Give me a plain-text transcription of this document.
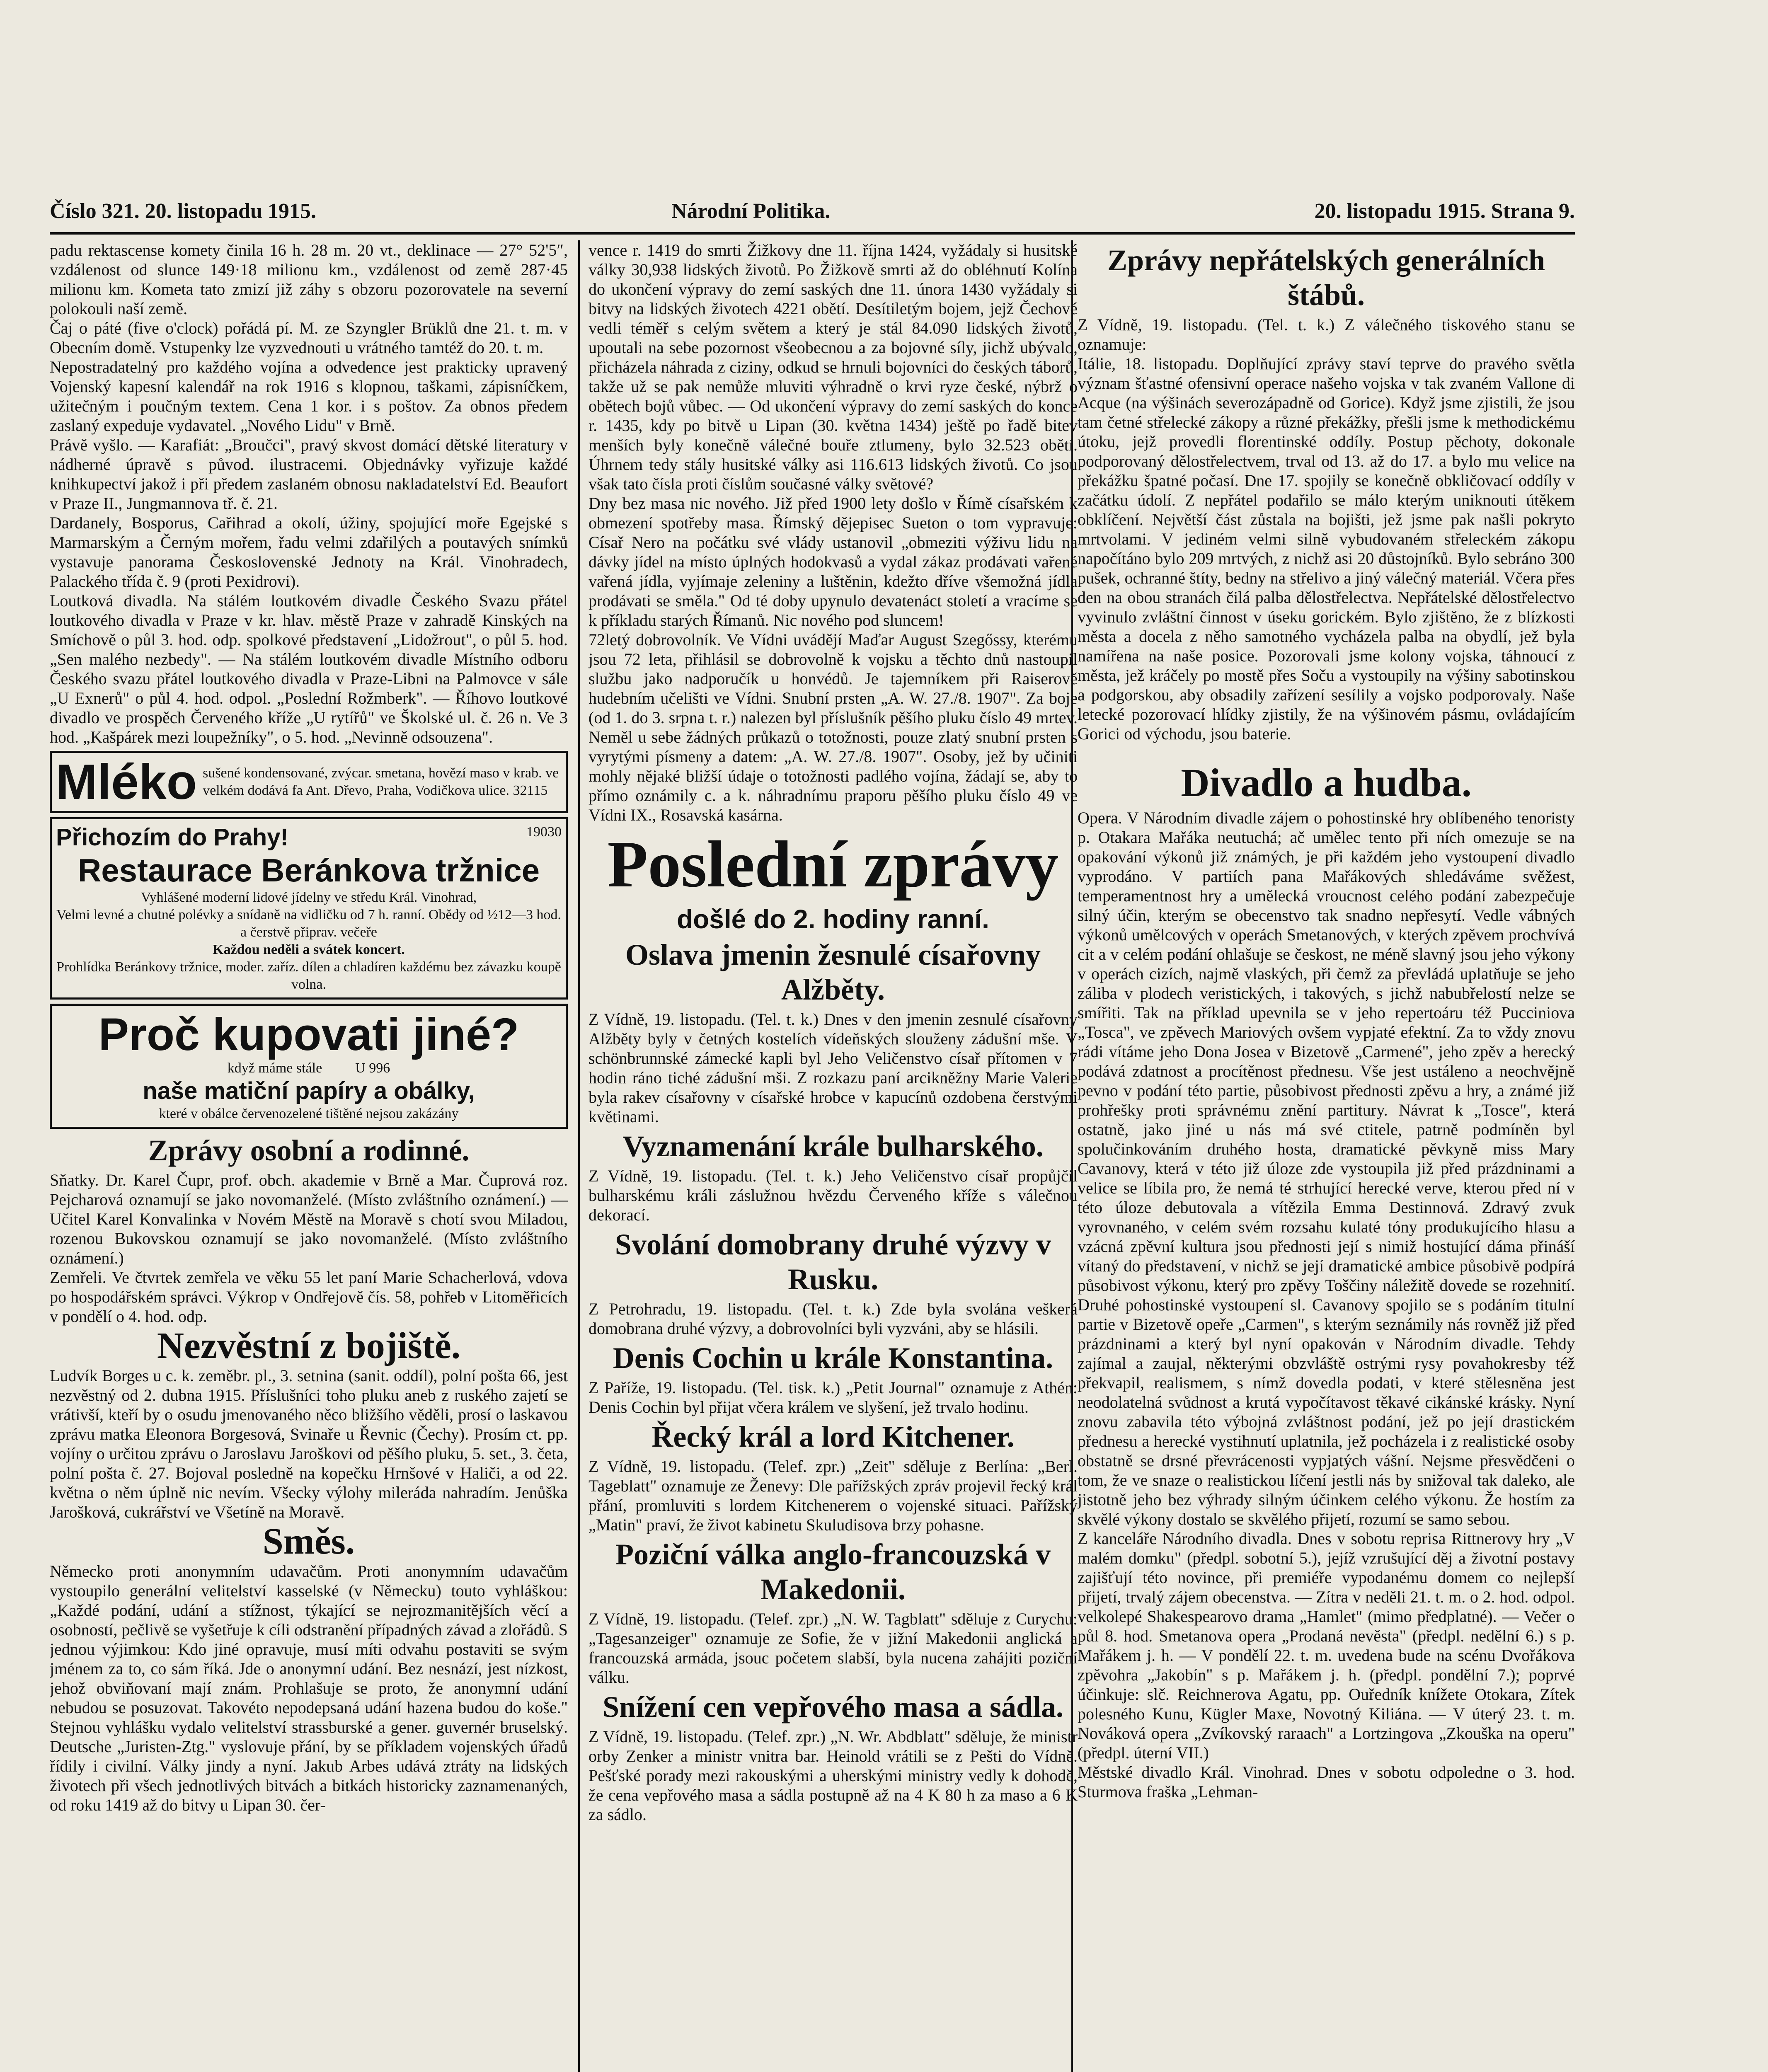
Číslo 321. 20. listopadu 1915.	Národní Politika.	20. listopadu 1915. Strana 9.

padu rektascense komety činila 16 h. 28 m. 20 vt., deklinace — 27° 52'5″, vzdálenost od slunce 149·18 milionu km., vzdálenost od země 287·45 milionu km. Kometa tato zmizí již záhy s obzoru pozorovatele na severní polokouli naší země.

Čaj o páté (five o'clock) pořádá pí. M. ze Szyngler Brüklů dne 21. t. m. v Obecním domě. Vstupenky lze vyzvednouti u vrátného tamtéž do 20. t. m.

Nepostradatelný pro každého vojína a odvedence jest prakticky upravený Vojenský kapesní kalendář na rok 1916 s klopnou, taškami, zápisníčkem, užitečným i poučným textem. Cena 1 kor. i s poštov. Za obnos předem zaslaný expeduje vydavatel. „Nového Lidu" v Brně.

Právě vyšlo. — Karafiát: „Broučci", pravý skvost domácí dětské literatury v nádherné úpravě s původ. ilustracemi. Objednávky vyřizuje každé knihkupectví jakož i při předem zaslaném obnosu nakladatelství Ed. Beaufort v Praze II., Jungmannova tř. č. 21.

Dardanely, Bosporus, Cařihrad a okolí, úžiny, spojující moře Egejské s Marmarským a Černým mořem, řadu velmi zdařilých a poutavých snímků vystavuje panorama Československé Jednoty na Král. Vinohradech, Palackého třída č. 9 (proti Pexidrovi).

Loutková divadla. Na stálém loutkovém divadle Českého Svazu přátel loutkového divadla v Praze v kr. hlav. městě Praze v zahradě Kinských na Smíchově o půl 3. hod. odp. spolkové představení „Lidožrout", o půl 5. hod. „Sen malého nezbedy". — Na stálém loutkovém divadle Místního odboru Českého svazu přátel loutkového divadla v Praze-Libni na Palmovce v sále „U Exnerů" o půl 4. hod. odpol. „Poslední Rožmberk". — Říhovo loutkové divadlo ve prospěch Červeného kříže „U rytířů" ve Školské ul. č. 26 n. Ve 3 hod. „Kašpárek mezi loupežníky", o 5. hod. „Nevinně odsouzena".

Mléko sušené kondensované, zvýcar. smetana, hovězí maso v krab. ve velkém dodává fa Ant. Dřevo, Praha, Vodičkova ulice. 32115
Přichozím do Prahy!	19030

Restaurace Beránkova tržnice

Vyhlášené moderní lidové jídelny ve středu Král. Vinohrad,

Velmi levné a chutné polévky a snídaně na vidličku od 7 h. ranní. Obědy od ½12—3 hod. a čerstvě připrav. večeře

Každou neděli a svátek koncert.

Prohlídka Beránkovy tržnice, moder. zaříz. dílen a chladíren každému bez závazku koupě volna.

Proč kupovati jiné?

když máme stále U 996

naše matiční papíry a obálky,

které v obálce červenozelené tištěné nejsou zakázány

Zprávy osobní a rodinné.

Sňatky. Dr. Karel Čupr, prof. obch. akademie v Brně a Mar. Čuprová roz. Pejcharová oznamují se jako novomanželé. (Místo zvláštního oznámení.) — Učitel Karel Konvalinka v Novém Městě na Moravě s chotí svou Miladou, rozenou Bukovskou oznamují se jako novomanželé. (Místo zvláštního oznámení.)

Zemřeli. Ve čtvrtek zemřela ve věku 55 let paní Marie Schacherlová, vdova po hospodářském správci. Výkrop v Ondřejově čís. 58, pohřeb v Litoměřicích v pondělí o 4. hod. odp.

Nezvěstní z bojiště.

Ludvík Borges u c. k. zeměbr. pl., 3. setnina (sanit. oddíl), polní pošta 66, jest nezvěstný od 2. dubna 1915. Příslušníci toho pluku aneb z ruského zajetí se vrátivší, kteří by o osudu jmenovaného něco bližšího věděli, prosí o laskavou zprávu matka Eleonora Borgesová, Svinaře u Řevnic (Čechy). Prosím ct. pp. vojíny o určitou zprávu o Jaroslavu Jaroškovi od pěšího pluku, 5. set., 3. četa, polní pošta č. 27. Bojoval posledně na kopečku Hrnšové v Haliči, a od 22. května o něm úplně nic nevím. Všecky výlohy milerádа nahradím. Jenůška Jarošková, cukrářství ve Všetíně na Moravě.

Směs.

Německo proti anonymním udavačům. Proti anonymním udavačům vystoupilo generální velitelství kasselské (v Německu) touto vyhláškou: „Každé podání, udání a stížnost, týkající se nejrozmanitějších věcí a osobností, pečlivě se vyšetřuje k cíli odstranění případných závad a zlořádů. S jednou výjimkou: Kdo jiné opravuje, musí míti odvahu postaviti se svým jménem za to, co sám říká. Jde o anonymní udání. Bez nesnází, jest nízkost, jehož obviňovaní mají znám. Prohlašuje se proto, že anonymní udání nebudou se posuzovat. Takovéto nepodepsaná udání hazena budou do koše." Stejnou vyhlášku vydalo velitelství strassburské a gener. guvernér bruselský. Deutsche „Juristen-Ztg." vyslovuje přání, by se příkladem vojenských úřadů řídily i civilní. Války jindy a nyní. Jakub Arbes udává ztráty na lidských životech při všech jednotlivých bitvách a bitkách historicky zaznamenaných, od roku 1419 až do bitvy u Lipan 30. čer-

vence r. 1419 do smrti Žižkovy dne 11. října 1424, vyžádaly si husitské války 30,938 lidských životů. Po Žižkově smrti až do obléhnutí Kolína do ukončení výpravy do zemí saských dne 11. února 1430 vyžádaly si bitvy na lidských životech 4221 obětí. Desítiletým bojem, jejž Čechové vedli téměř s celým světem a který je stál 84.090 lidských životů, upoutali na sebe pozornost všeobecnou a za bojovné síly, jichž ubývalo, přicházela náhrada z ciziny, odkud se hrnuli bojovníci do českých táborů, takže už se pak nemůže mluviti výhradně o krvi ryze české, nýbrž o obětech bojů vůbec. — Od ukončení výpravy do zemí saských do konce r. 1435, kdy po bitvě u Lipan (30. května 1434) ještě po řadě bitev menších byly konečně válečné bouře ztlumeny, bylo 32.523 obětí. Úhrnem tedy stály husitské války asi 116.613 lidských životů. Co jsou však tato čísla proti číslům současné války světové?

Dny bez masa nic nového. Již před 1900 lety došlo v Římě císařském k obmezení spotřeby masa. Římský dějepisec Sueton o tom vypravuje: Císař Nero na počátku své vlády ustanovil „obmeziti výživu lidu na dávky jídel na místo úplných hodokvasů a vydal zákaz prodávati vařené vařená jídla, vyjímaje zeleniny a luštěnin, kdežto dříve všemožná jídla prodávati se směla." Od té doby upynulo devatenáct století a vracíme se k příkladu starých Římanů. Nic nového pod sluncem!

72letý dobrovolník. Ve Vídni uvádějí Maďar August Szegőssy, kterému jsou 72 leta, přihlásil se dobrovolně k vojsku a těchto dnů nastoupil službu jako nadporučík u honvédů. Je tajemníkem při Raiserově hudebním učelišti ve Vídni. Snubní prsten „A. W. 27./8. 1907". Za boje (od 1. do 3. srpna t. r.) nalezen byl příslušník pěšího pluku číslo 49 mrtev. Neměl u sebe žádných průkazů o totožnosti, pouze zlatý snubní prsten s vyrytými písmeny a datem: „A. W. 27./8. 1907". Osoby, jež by učiniti mohly nějaké bližší údaje o totožnosti padlého vojína, žádají se, aby to přímo oznámily c. a k. náhradnímu praporu pěšího pluku číslo 49 ve Vídni IX., Rosavská kasárna.

Poslední zprávy

došlé do 2. hodiny ranní.

Oslava jmenin žesnulé císařovny Alžběty.

Z Vídně, 19. listopadu. (Tel. t. k.) Dnes v den jmenin zesnulé císařovny Alžběty byly v četných kostelích vídeňských slouženy zádušní mše. V schönbrunnské zámecké kapli byl Jeho Veličenstvo císař přítomen v 7 hodin ráno tiché zádušní mši. Z rozkazu paní arcikněžny Marie Valerie byla rakev císařovny v císařské hrobce v kapucínů ozdobena čerstvými květinami.

Vyznamenání krále bulharského.

Z Vídně, 19. listopadu. (Tel. t. k.) Jeho Veličenstvo císař propůjčil bulharskému králi záslužnou hvězdu Červeného kříže s válečnou dekorací.

Svolání domobrany druhé výzvy v Rusku.

Z Petrohradu, 19. listopadu. (Tel. t. k.) Zde byla svolána veškerá domobrana druhé výzvy, a dobrovolníci byli vyzváni, aby se hlásili.

Denis Cochin u krále Konstantina.

Z Paříže, 19. listopadu. (Tel. tisk. k.) „Petit Journal" oznamuje z Athén: Denis Cochin byl přijat včera králem ve slyšení, jež trvalo hodinu.

Řecký král a lord Kitchener.

Z Vídně, 19. listopadu. (Telef. zpr.) „Zeit" sděluje z Berlína: „Berl. Tageblatt" oznamuje ze Ženevy: Dle pařížských zpráv projevil řecký král přání, promluviti s lordem Kitchenerem o vojenské situaci. Pařížský „Matin" praví, že život kabinetu Skuludisova brzy pohasne.

Poziční válka anglo-francouzská v Makedonii.

Z Vídně, 19. listopadu. (Telef. zpr.) „N. W. Tagblatt" sděluje z Curychu: „Tagesanzeiger" oznamuje ze Sofie, že v jižní Makedonii anglická a francouzská armáda, jsouc početem slabší, byla nucena zahájiti poziční válku.

Snížení cen vepřového masa a sádla.

Z Vídně, 19. listopadu. (Telef. zpr.) „N. Wr. Abdblatt" sděluje, že ministr orby Zenker a ministr vnitra bar. Heinold vrátili se z Pešti do Vídně. Pešťské porady mezi rakouskými a uherskými ministry vedly k dohodě, že cena vepřového masa a sádla postupně až na 4 K 80 h za maso a 6 K za sádlo.

Zprávy nepřátelských generálních štábů.

Z Vídně, 19. listopadu. (Tel. t. k.) Z válečného tiskového stanu se oznamuje:

Itálie, 18. listopadu. Doplňující zprávy staví teprve do pravého světla význam šťastné ofensivní operace našeho vojska v tak zvaném Vallone di Acque (na výšinách severozápadně od Gorice). Když jsme zjistili, že jsou tam četné střelecké zákopy a různé překážky, přešli jsme k methodickému útoku, jejž provedli florentinské oddíly. Postup pěchoty, dokonale podporovaný dělostřelectvem, trval od 13. až do 17. a bylo mu velice na překážku špatné počasí. Dne 17. spojily se konečně obkličovací oddíly v začátku údolí. Z nepřátel podařilo se málo kterým uniknouti útěkem obklíčení. Největší část zůstala na bojišti, jež jsme pak našli pokryto mrtvolami. V jediném velmi silně vybudovaném střeleckém zákopu napočítáno bylo 209 mrtvých, z nichž asi 20 důstojníků. Bylo sebráno 300 pušek, ochranné štíty, bedny na střelivo a jiný válečný materiál. Včera přes den na obou stranách čilá palba dělostřelectva. Nepřátelské dělostřelectvo vyvinulo zvláštní činnost v úseku gorickém. Bylo zjištěno, že z blízkosti města a docela z něho samotného vycházela palba na obydlí, jež byla namířena na naše posice. Pozorovali jsme kolony vojska, táhnoucí z města, jež kráčely po mostě přes Soču a vystoupily na výšiny sabotinskou a podgorskou, aby obsadily zařízení sesílily a vojsko podporovaly. Naše letecké pozorovací hlídky zjistily, že na výšinovém pásmu, ovládajícím Gorici od východu, jsou baterie.

Divadlo a hudba.

Opera. V Národním divadle zájem o pohostinské hry oblíbeného tenoristy p. Otakara Mařáka neutuchá; ač umělec tento při ních omezuje se na opakování výkonů již známých, je při každém jeho vystoupení divadlo vyprodáno. V partiích pana Mařákových shledáváme svěžest, temperamentnost hry a umělecká vroucnost celého podání zabezpečuje silný účin, kterým se obecenstvo tak snadno nepřesytí. Vedle vábných výkonů umělcových v operách Smetanových, v kterých zpěvem prochvívá cit a v celém podání ohlašuje se českost, ne méně slavný jsou jeho výkony v operách cizích, najmě vlaských, při čemž za převládá uplatňuje se jeho záliba v plodech veristických, i takových, s jichž nabubřelostí nelze se smířiti. Tak na příklad upevnila se v jeho repertoáru též Pucciniova „Tosca", ve zpěvech Mariových ovšem vypjaté efektní. Za to vždy znovu rádi vítáme jeho Dona Josea v Bizetově „Carmené", jeho zpěv a herecký podává zdatnost a procítěnost přednesu. Vše jest ustáleno a neochvějně pevno v podání této partie, působivost přednosti zpěvu a hry, a známé již prohřešky proti správnému znění partitury. Návrat k „Tosce", která ostatně, jako jiné u nás má své ctitele, patrně podmíněn byl spolučinkováním druhého hosta, dramatické pěvkyně miss Mary Cavanovy, která v této již úloze zde vystoupila již před prázdninami a velice se líbila pro, že nemá té strhující herecké verve, kterou před ní v této úloze debutovala a vítězila Emma Destinnová. Zdravý zvuk vyrovnaného, v celém svém rozsahu kulaté tóny produkujícího hlasu a vzácná zpěvní kultura jsou přednosti její s nimiž hostující dáma přináší vítaný do představení, v nichž se její dramatické ambice působivě podpírá působivost výkonu, který pro zpěvy Toščiny náležitě dovede se rozehnití. Druhé pohostinské vystoupení sl. Cavanovy spojilo se s podáním titulní partie v Bizetově opeře „Carmen", s kterým seznámily nás rovněž již před prázdninami a který byl nyní opakován v Národním divadle. Tehdy zajímal a zaujal, některými obzvláště ostrými rysy povahokresby též překvapil, realismem, s nímž dovedla podati, v které stělesněna jest neodolatelná svůdnost a krutá vypočítavost těkavé cikánské krásky. Nyní znovu zabavila této výbojná zvláštnost podání, jež po její drastickém přednesu a herecké vystihnutí uplatnila, jež pocházela i z realistické osoby obstatně se drsné převrácenosti vypjatých vášní. Nejsme přesvědčeni o tom, že ve snaze o realistickou líčení jestli nás by snižoval tak daleko, ale jistotně jeho bez výhrady silným účinkem celého výkonu. Že hostím za skvělé výkony dostalo se skvělého přijetí, rozumí se samo sebou.

Z kanceláře Národního divadla. Dnes v sobotu reprisa Rittnerovy hry „V malém domku" (předpl. sobotní 5.), jejíž vzrušující děj a životní postavy zajišťují této novince, při premiéře vypodanému domem co nejlepší přijetí, trvalý zájem obecenstva. — Zítra v neděli 21. t. m. o 2. hod. odpol. velkolepé Shakespearovo drama „Hamlet" (mimo předplatné). — Večer o půl 8. hod. Smetanova opera „Prodaná nevěsta" (předpl. nedělní 6.) s p. Mařákem j. h. — V pondělí 22. t. m. uvedena bude na scénu Dvořákova zpěvohra „Jakobín" s p. Mařákem j. h. (předpl. pondělní 7.); poprvé účinkuje: slč. Reichnerova Agatu, pp. Ouředník knížete Otokara, Zítek polesného Kunu, Kügler Maxe, Novotný Kiliána. — V úterý 23. t. m. Nováková opera „Zvíkovský raraach" a Lortzingova „Zkouška na operu" (předpl. úterní VII.)

Městské divadlo Král. Vinohrad. Dnes v sobotu odpoledne o 3. hod. Sturmova fraška „Lehman-
